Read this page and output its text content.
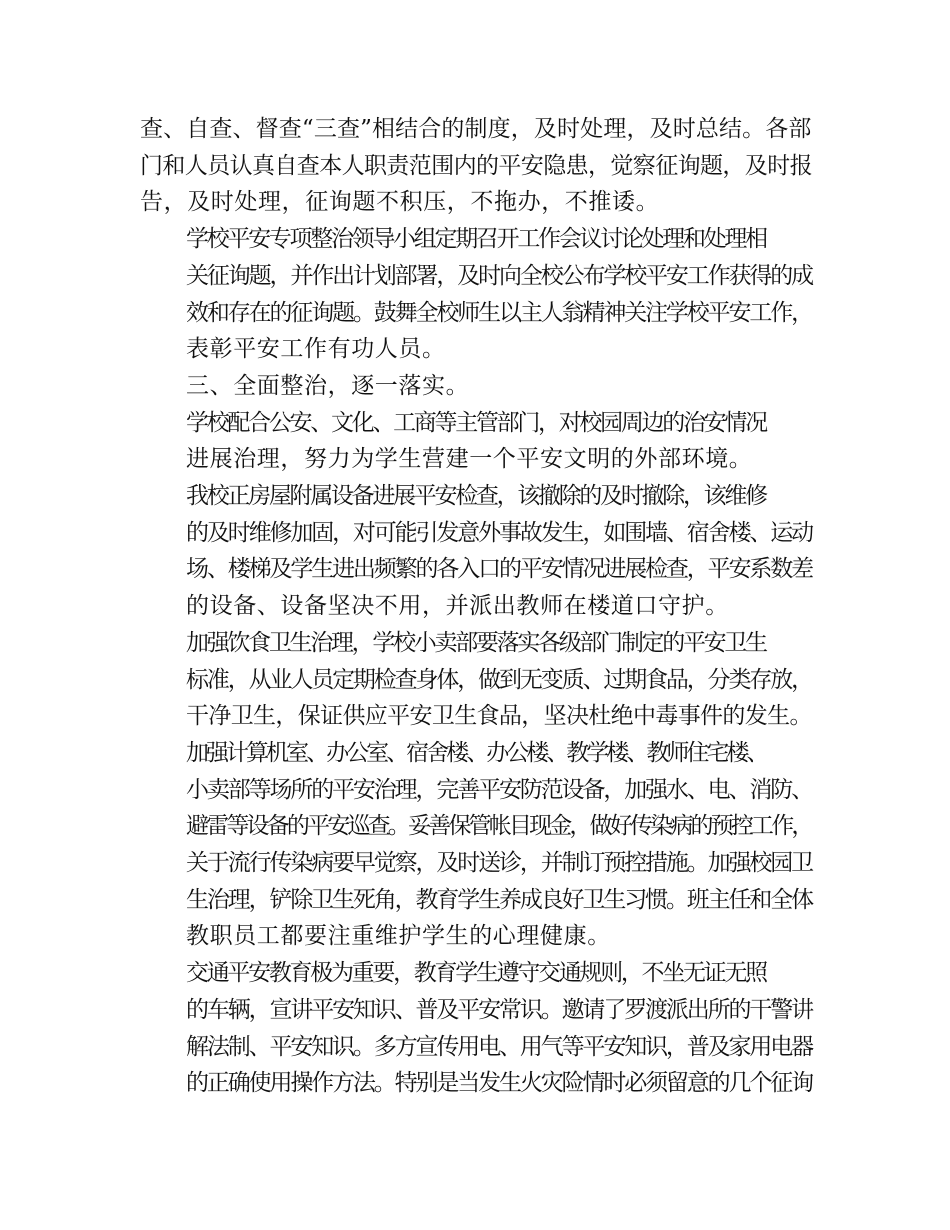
查、自查、督查“三查”相结合的制度，及时处理，及时总结。各部
门和人员认真自查本人职责范围内的平安隐患，觉察征询题，及时报
告，及时处理，征询题不积压，不拖办，不推诿。
学校平安专项整治领导小组定期召开工作会议讨论处理和处理相
关征询题，并作出计划部署，及时向全校公布学校平安工作获得的成
效和存在的征询题。鼓舞全校师生以主人翁精神关注学校平安工作，
表彰平安工作有功人员。
三、全面整治，逐一落实。
学校配合公安、文化、工商等主管部门，对校园周边的治安情况
进展治理，努力为学生营建一个平安文明的外部环境。
我校正房屋附属设备进展平安检查，该撤除的及时撤除，该维修
的及时维修加固，对可能引发意外事故发生，如围墙、宿舍楼、运动
场、楼梯及学生进出频繁的各入口的平安情况进展检查，平安系数差
的设备、设备坚决不用，并派出教师在楼道口守护。
加强饮食卫生治理，学校小卖部要落实各级部门制定的平安卫生
标准，从业人员定期检查身体，做到无变质、过期食品，分类存放，
干净卫生，保证供应平安卫生食品，坚决杜绝中毒事件的发生。
加强计算机室、办公室、宿舍楼、办公楼、教学楼、教师住宅楼、
小卖部等场所的平安治理，完善平安防范设备，加强水、电、消防、
避雷等设备的平安巡查。妥善保管帐目现金，做好传染病的预控工作，
关于流行传染病要早觉察，及时送诊，并制订预控措施。加强校园卫
生治理，铲除卫生死角，教育学生养成良好卫生习惯。班主任和全体
教职员工都要注重维护学生的心理健康。
交通平安教育极为重要，教育学生遵守交通规则，不坐无证无照
的车辆，宣讲平安知识、普及平安常识。邀请了罗渡派出所的干警讲
解法制、平安知识。多方宣传用电、用气等平安知识，普及家用电器
的正确使用操作方法。特别是当发生火灾险情时必须留意的几个征询
